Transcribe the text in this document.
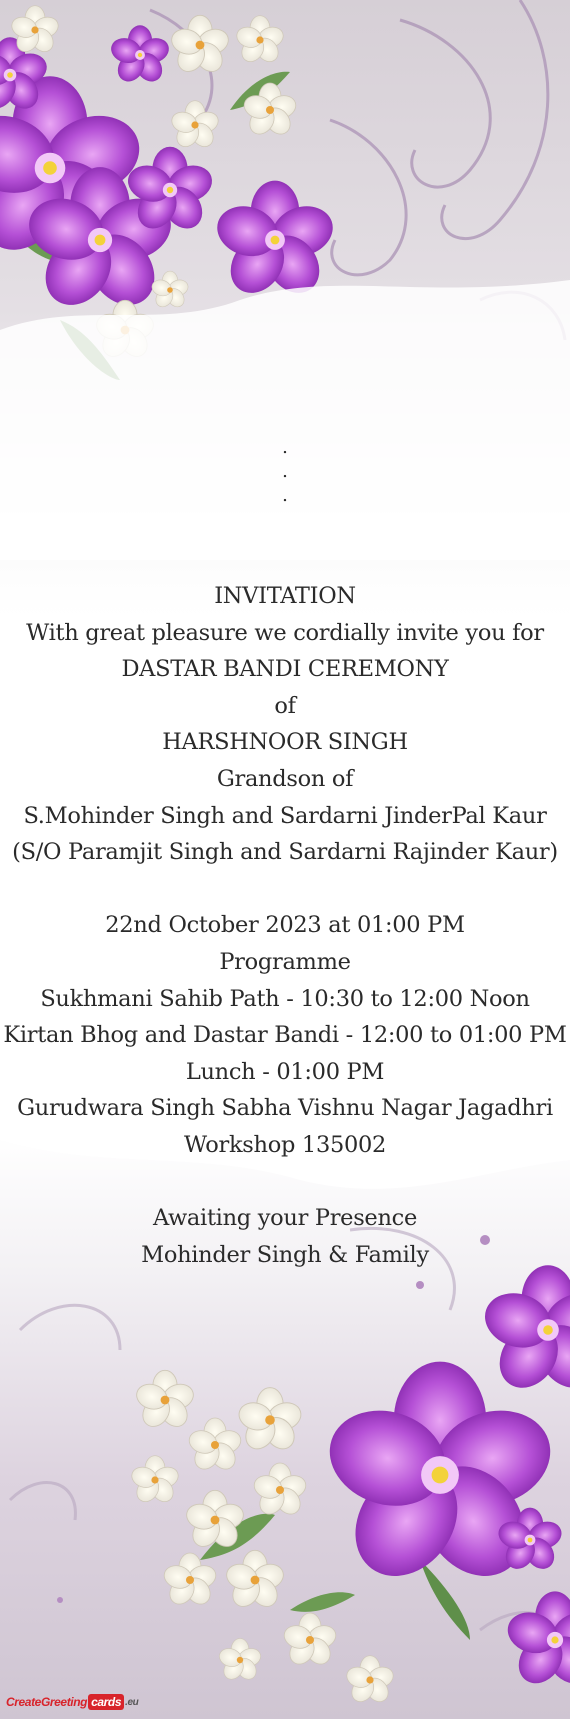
.
.
.
INVITATION
With great pleasure we cordially invite you for
DASTAR BANDI CEREMONY
of
HARSHNOOR SINGH
Grandson of
S.Mohinder Singh and Sardarni JinderPal Kaur
(S/O Paramjit Singh and Sardarni Rajinder Kaur)
22nd October 2023 at 01:00 PM
Programme
Sukhmani Sahib Path - 10:30 to 12:00 Noon
Kirtan Bhog and Dastar Bandi - 12:00 to 01:00 PM
Lunch - 01:00 PM
Gurudwara Singh Sabha Vishnu Nagar Jagadhri
Workshop 135002
Awaiting your Presence
Mohinder Singh & Family
CreateGreeting cards .eu
